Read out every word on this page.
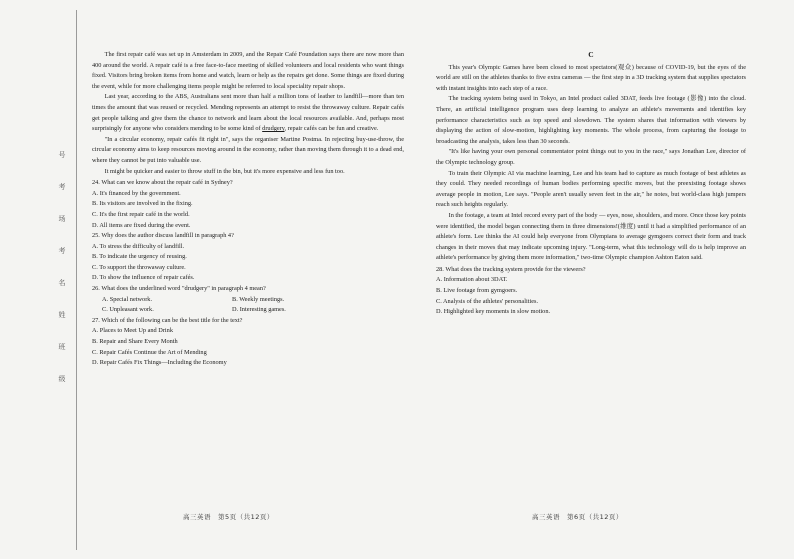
号
考
场
考
名
姓
班
级

The first repair café was set up in Amsterdam in 2009, and the Repair Café Foundation says there are now more than 400 around the world. A repair café is a free face-to-face meeting of skilled volunteers and local residents who want things fixed. Visitors bring broken items from home and watch, learn or help as the repairs get done. Some things are fixed during the event, while for more challenging items people might be referred to local speciality repair shops.

Last year, according to the ABS, Australians sent more than half a million tons of leather to landfill—more than ten times the amount that was reused or recycled. Mending represents an attempt to resist the throwaway culture. Repair cafés get people talking and give them the chance to network and learn about the local resources available. And, perhaps most surprisingly for anyone who considers mending to be some kind of drudgery, repair cafés can be fun and creative.

"In a circular economy, repair cafés fit right in", says the organiser Martine Postma. In rejecting buy-use-throw, the circular economy aims to keep resources moving around in the economy, rather than moving them through it to a dead end, where they cannot be put into valuable use.

It might be quicker and easier to throw stuff in the bin, but it's more expensive and less fun too.

24. What can we know about the repair café in Sydney?

A. It's financed by the government.

B. Its visitors are involved in the fixing.

C. It's the first repair café in the world.

D. All items are fixed during the event.

25. Why does the author discuss landfill in paragraph 4?

A. To stress the difficulty of landfill.

B. To indicate the urgency of reusing.

C. To support the throwaway culture.

D. To show the influence of repair cafés.

26. What does the underlined word "drudgery" in paragraph 4 mean?

A. Special network.	B. Weekly meetings.
C. Unpleasant work.	D. Interesting games.

27. Which of the following can be the best title for the text?

A. Places to Meet Up and Drink

B. Repair and Share Every Month

C. Repair Cafés Continue the Art of Mending

D. Repair Cafés Fix Things—Including the Economy

高三英语　第5页（共12页）
C

This year's Olympic Games have been closed to most spectators(观众) because of COVID-19, but the eyes of the world are still on the athletes thanks to five extra cameras — the first step in a 3D tracking system that supplies spectators with instant insights into each step of a race.

The tracking system being used in Tokyo, an Intel product called 3DAT, feeds live footage (影像) into the cloud. There, an artificial intelligence program uses deep learning to analyze an athlete's movements and identifies key performance characteristics such as top speed and slowdown. The system shares that information with viewers by displaying the action of slow-motion, highlighting key moments. The whole process, from capturing the footage to broadcasting the analysis, takes less than 30 seconds.

"It's like having your own personal commentator point things out to you in the race," says Jonathan Lee, director of the Olympic technology group.

To train their Olympic AI via machine learning, Lee and his team had to capture as much footage of best athletes as they could. They needed recordings of human bodies performing specific moves, but the preexisting footage shows average people in motion, Lee says. "People aren't usually seven feet in the air," he notes, but world-class high jumpers reach such heights regularly.

In the footage, a team at Intel record every part of the body — eyes, nose, shoulders, and more. Once those key points were identified, the model began connecting them in three dimensions!(维度) until it had a simplified performance of an athlete's form. Lee thinks the AI could help everyone from Olympians to average gymgoers correct their form and track changes in their moves that may indicate upcoming injury. "Long-term, what this technology will do is help improve an athlete's performance by giving them more information," two-time Olympic champion Ashton Eaton said.

28. What does the tracking system provide for the viewers?

A. Information about 3DAT.

B. Live footage from gymgoers.

C. Analysis of the athletes' personalities.

D. Highlighted key moments in slow motion.

高三英语　第6页（共12页）
